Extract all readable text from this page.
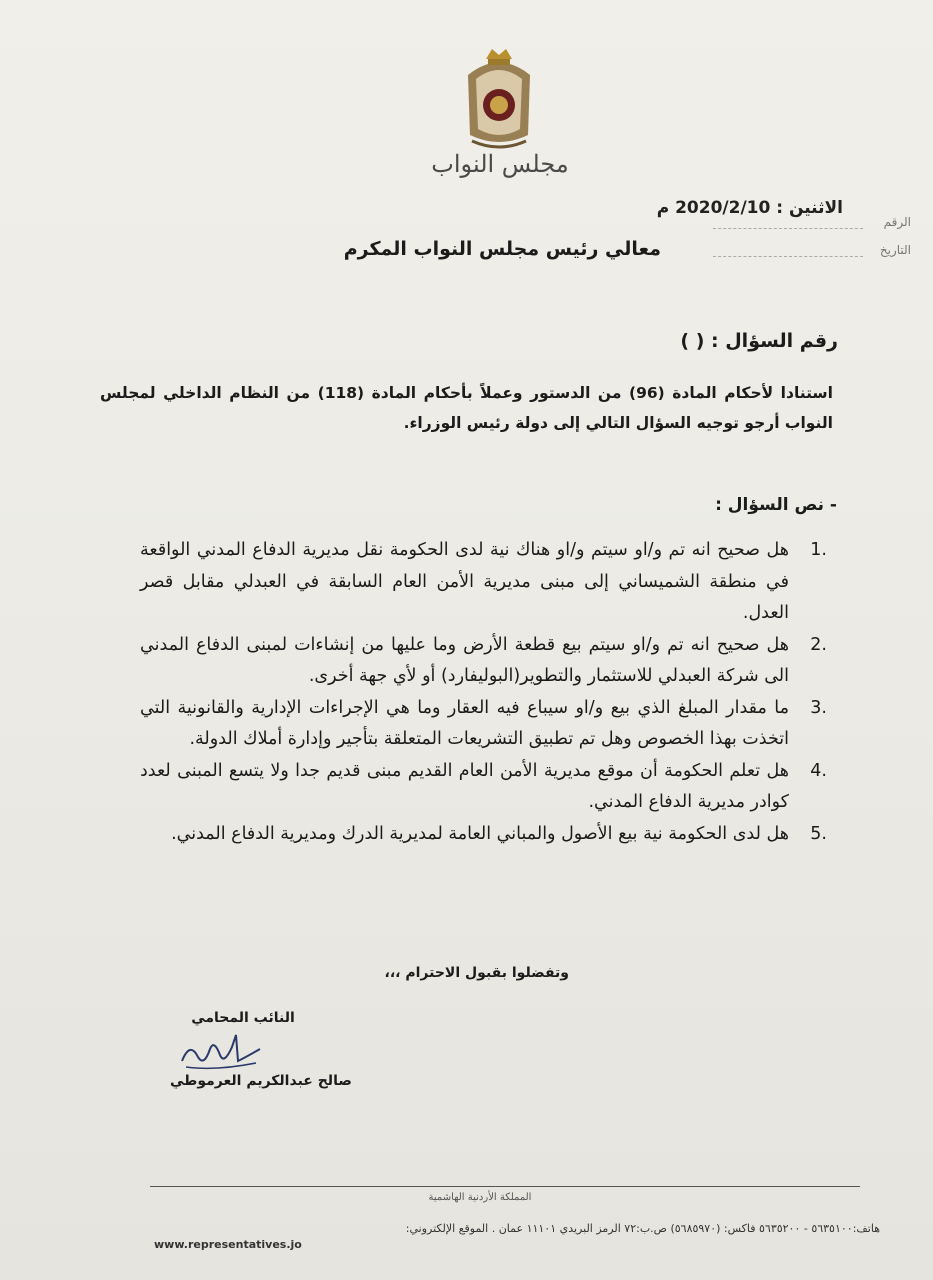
مجلس النواب
الرقم
التاريخ
الاثنين : 2020/2/10 م
معالي رئيس مجلس النواب المكرم
رقم السؤال : ( )
استنادا لأحكام المادة (96) من الدستور وعملاً بأحكام المادة (118) من النظام الداخلي لمجلس النواب أرجو توجيه السؤال التالي إلى دولة رئيس الوزراء.
- نص السؤال :
1.
هل صحيح انه تم و/او سيتم و/او هناك نية لدى الحكومة نقل مديرية الدفاع المدني الواقعة في منطقة الشميساني إلى مبنى مديرية الأمن العام السابقة في العبدلي مقابل قصر العدل.
2.
هل صحيح انه تم و/او سيتم بيع قطعة الأرض وما عليها من إنشاءات لمبنى الدفاع المدني الى شركة العبدلي للاستثمار والتطوير(البوليفارد) أو لأي جهة أخرى.
3.
ما مقدار المبلغ الذي بيع و/او سيباع فيه العقار وما هي الإجراءات الإدارية والقانونية التي اتخذت بهذا الخصوص وهل تم تطبيق التشريعات المتعلقة بتأجير وإدارة أملاك الدولة.
4.
هل تعلم الحكومة أن موقع مديرية الأمن العام القديم مبنى قديم جدا ولا يتسع المبنى لعدد كوادر مديرية الدفاع المدني.
5.
هل لدى الحكومة نية بيع الأصول والمباني العامة لمديرية الدرك ومديرية الدفاع المدني.
وتفضلوا بقبول الاحترام ،،،
النائب المحامي
صالح عبدالكريم العرموطي
المملكة الأردنية الهاشمية
هاتف:٥٦٣٥١٠٠ - ٥٦٣٥٢٠٠ فاكس: (٥٦٨٥٩٧٠) ص.ب:٧٢ الرمز البريدي ١١١٠١ عمان . الموقع الإلكتروني:
www.representatives.jo
